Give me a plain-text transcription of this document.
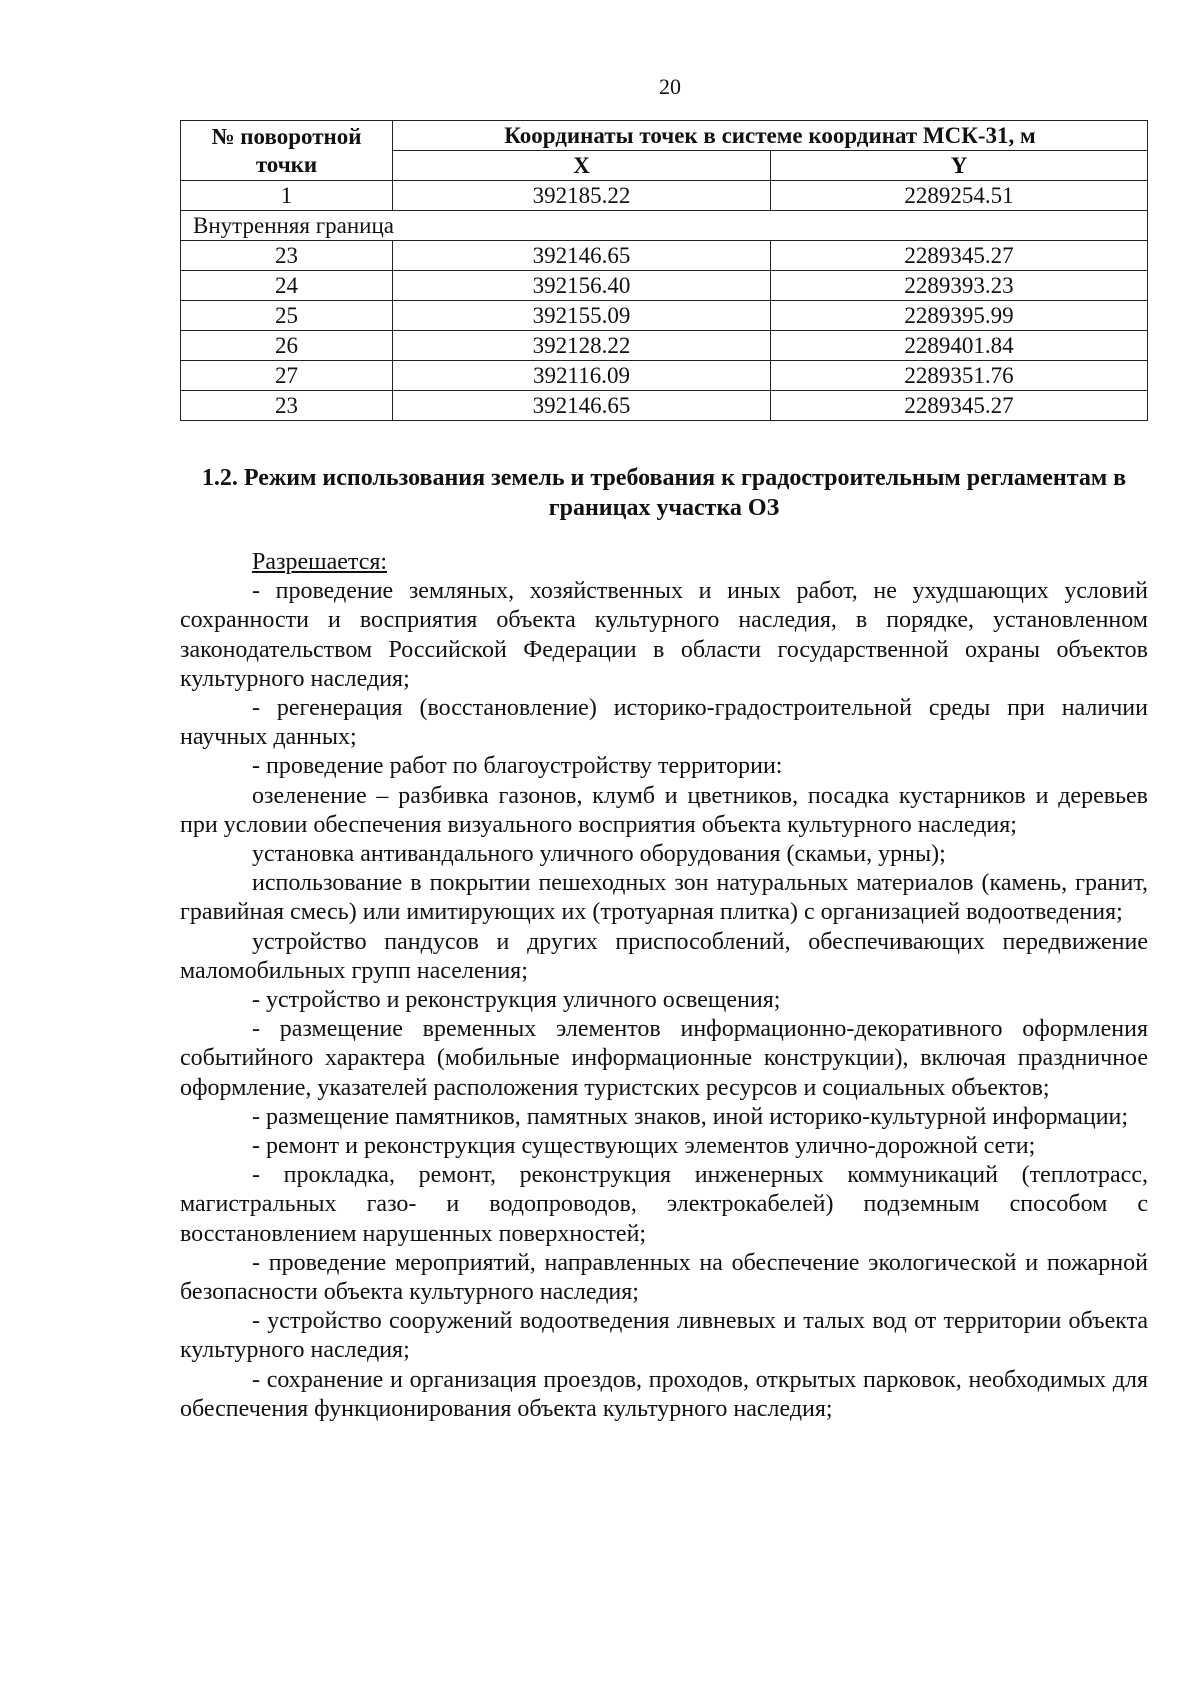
20
№ поворотной точки	Координаты точек в системе координат МСК-31, м	
	X	Y
1	392185.22	2289254.51
Внутренняя граница		
23	392146.65	2289345.27
24	392156.40	2289393.23
25	392155.09	2289395.99
26	392128.22	2289401.84
27	392116.09	2289351.76
23	392146.65	2289345.27
1.2. Режим использования земель и требования к градостроительным регламентам в границах участка ОЗ

Разрешается:

- проведение земляных, хозяйственных и иных работ, не ухудшающих условий сохранности и восприятия объекта культурного наследия, в порядке, установленном законодательством Российской Федерации в области государственной охраны объектов культурного наследия;

- регенерация (восстановление) историко-градостроительной среды при наличии научных данных;

- проведение работ по благоустройству территории:

озеленение – разбивка газонов, клумб и цветников, посадка кустарников и деревьев при условии обеспечения визуального восприятия объекта культурного наследия;

установка антивандального уличного оборудования (скамьи, урны);

использование в покрытии пешеходных зон натуральных материалов (камень, гранит, гравийная смесь) или имитирующих их (тротуарная плитка) с организацией водоотведения;

устройство пандусов и других приспособлений, обеспечивающих передвижение маломобильных групп населения;

- устройство и реконструкция уличного освещения;

- размещение временных элементов информационно-декоративного оформления событийного характера (мобильные информационные конструкции), включая праздничное оформление, указателей расположения туристских ресурсов и социальных объектов;

- размещение памятников, памятных знаков, иной историко-культурной информации;

- ремонт и реконструкция существующих элементов улично-дорожной сети;

- прокладка, ремонт, реконструкция инженерных коммуникаций (теплотрасс, магистральных газо- и водопроводов, электрокабелей) подземным способом с восстановлением нарушенных поверхностей;

- проведение мероприятий, направленных на обеспечение экологической и пожарной безопасности объекта культурного наследия;

- устройство сооружений водоотведения ливневых и талых вод от территории объекта культурного наследия;

- сохранение и организация проездов, проходов, открытых парковок, необходимых для обеспечения функционирования объекта культурного наследия;
